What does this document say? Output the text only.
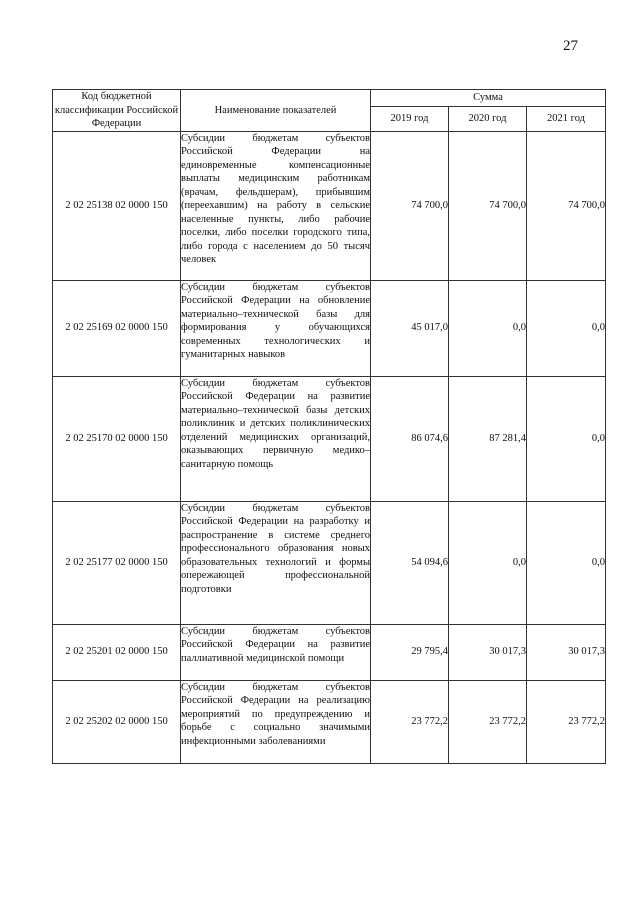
27
Код бюджетной классификации Российской Федерации	Наименование показателей	Сумма		
		2019 год	2020 год	2021 год
2 02 25138 02 0000 150	Субсидии бюджетам субъектов Российской Федерации на единовременные компенсационные выплаты медицинским работникам (врачам, фельдшерам), прибывшим (переехавшим) на работу в сельские населенные пункты, либо рабочие поселки, либо поселки городского типа, либо города с населением до 50 тысяч человек	74 700,0	74 700,0	74 700,0
2 02 25169 02 0000 150	Субсидии бюджетам субъектов Российской Федерации на обновление материально–технической базы для формирования у обучающихся современных технологических и гуманитарных навыков	45 017,0	0,0	0,0
2 02 25170 02 0000 150	Субсидии бюджетам субъектов Российской Федерации на развитие материально–технической базы детских поликлиник и детских поликлинических отделений медицинских организаций, оказывающих первичную медико–санитарную помощь	86 074,6	87 281,4	0,0
2 02 25177 02 0000 150	Субсидии бюджетам субъектов Российской Федерации на разработку и распространение в системе среднего профессионального образования новых образовательных технологий и формы опережающей профессиональной подготовки	54 094,6	0,0	0,0
2 02 25201 02 0000 150	Субсидии бюджетам субъектов Российской Федерации на развитие паллиативной медицинской помощи	29 795,4	30 017,3	30 017,3
2 02 25202 02 0000 150	Субсидии бюджетам субъектов Российской Федерации на реализацию мероприятий по предупреждению и борьбе с социально значимыми инфекционными заболеваниями	23 772,2	23 772,2	23 772,2
